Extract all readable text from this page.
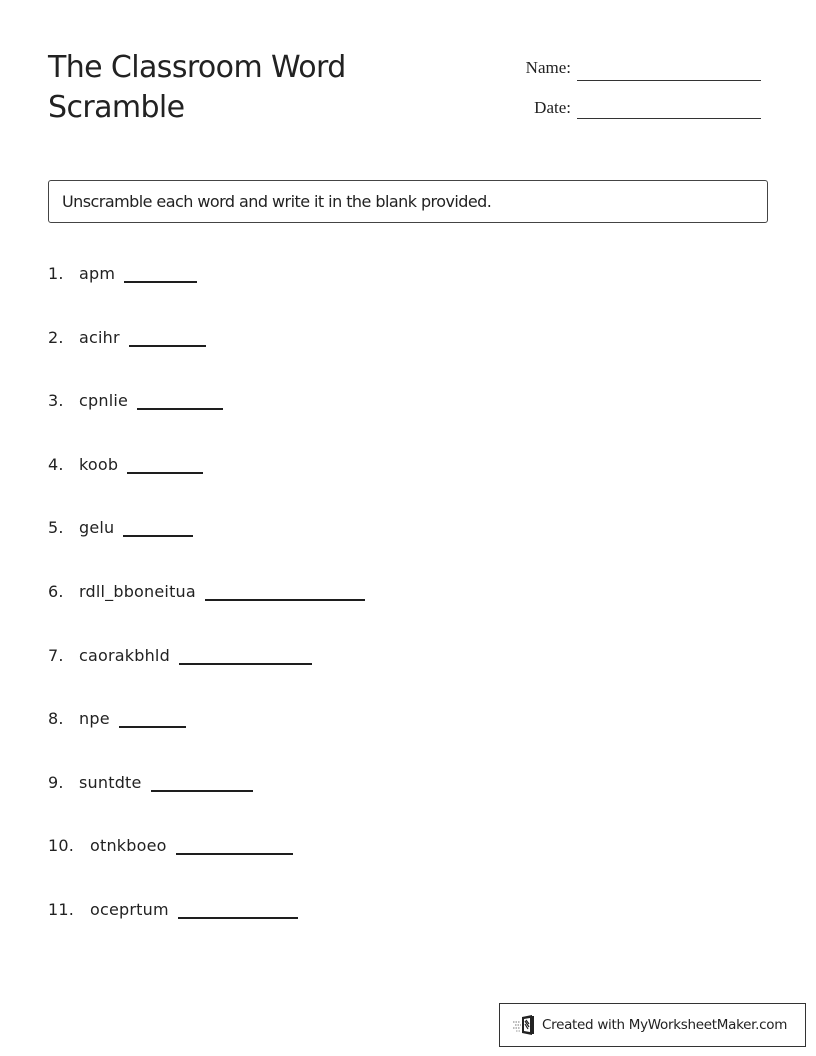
The Classroom Word Scramble
Name:
Date:
Unscramble each word and write it in the blank provided.
1. apm
2. acihr
3. cpnlie
4. koob
5. gelu
6. rdll_bboneitua
7. caorakbhld
8. npe
9. suntdte
10. otnkboeo
11. oceprtum
Created with MyWorksheetMaker.com
